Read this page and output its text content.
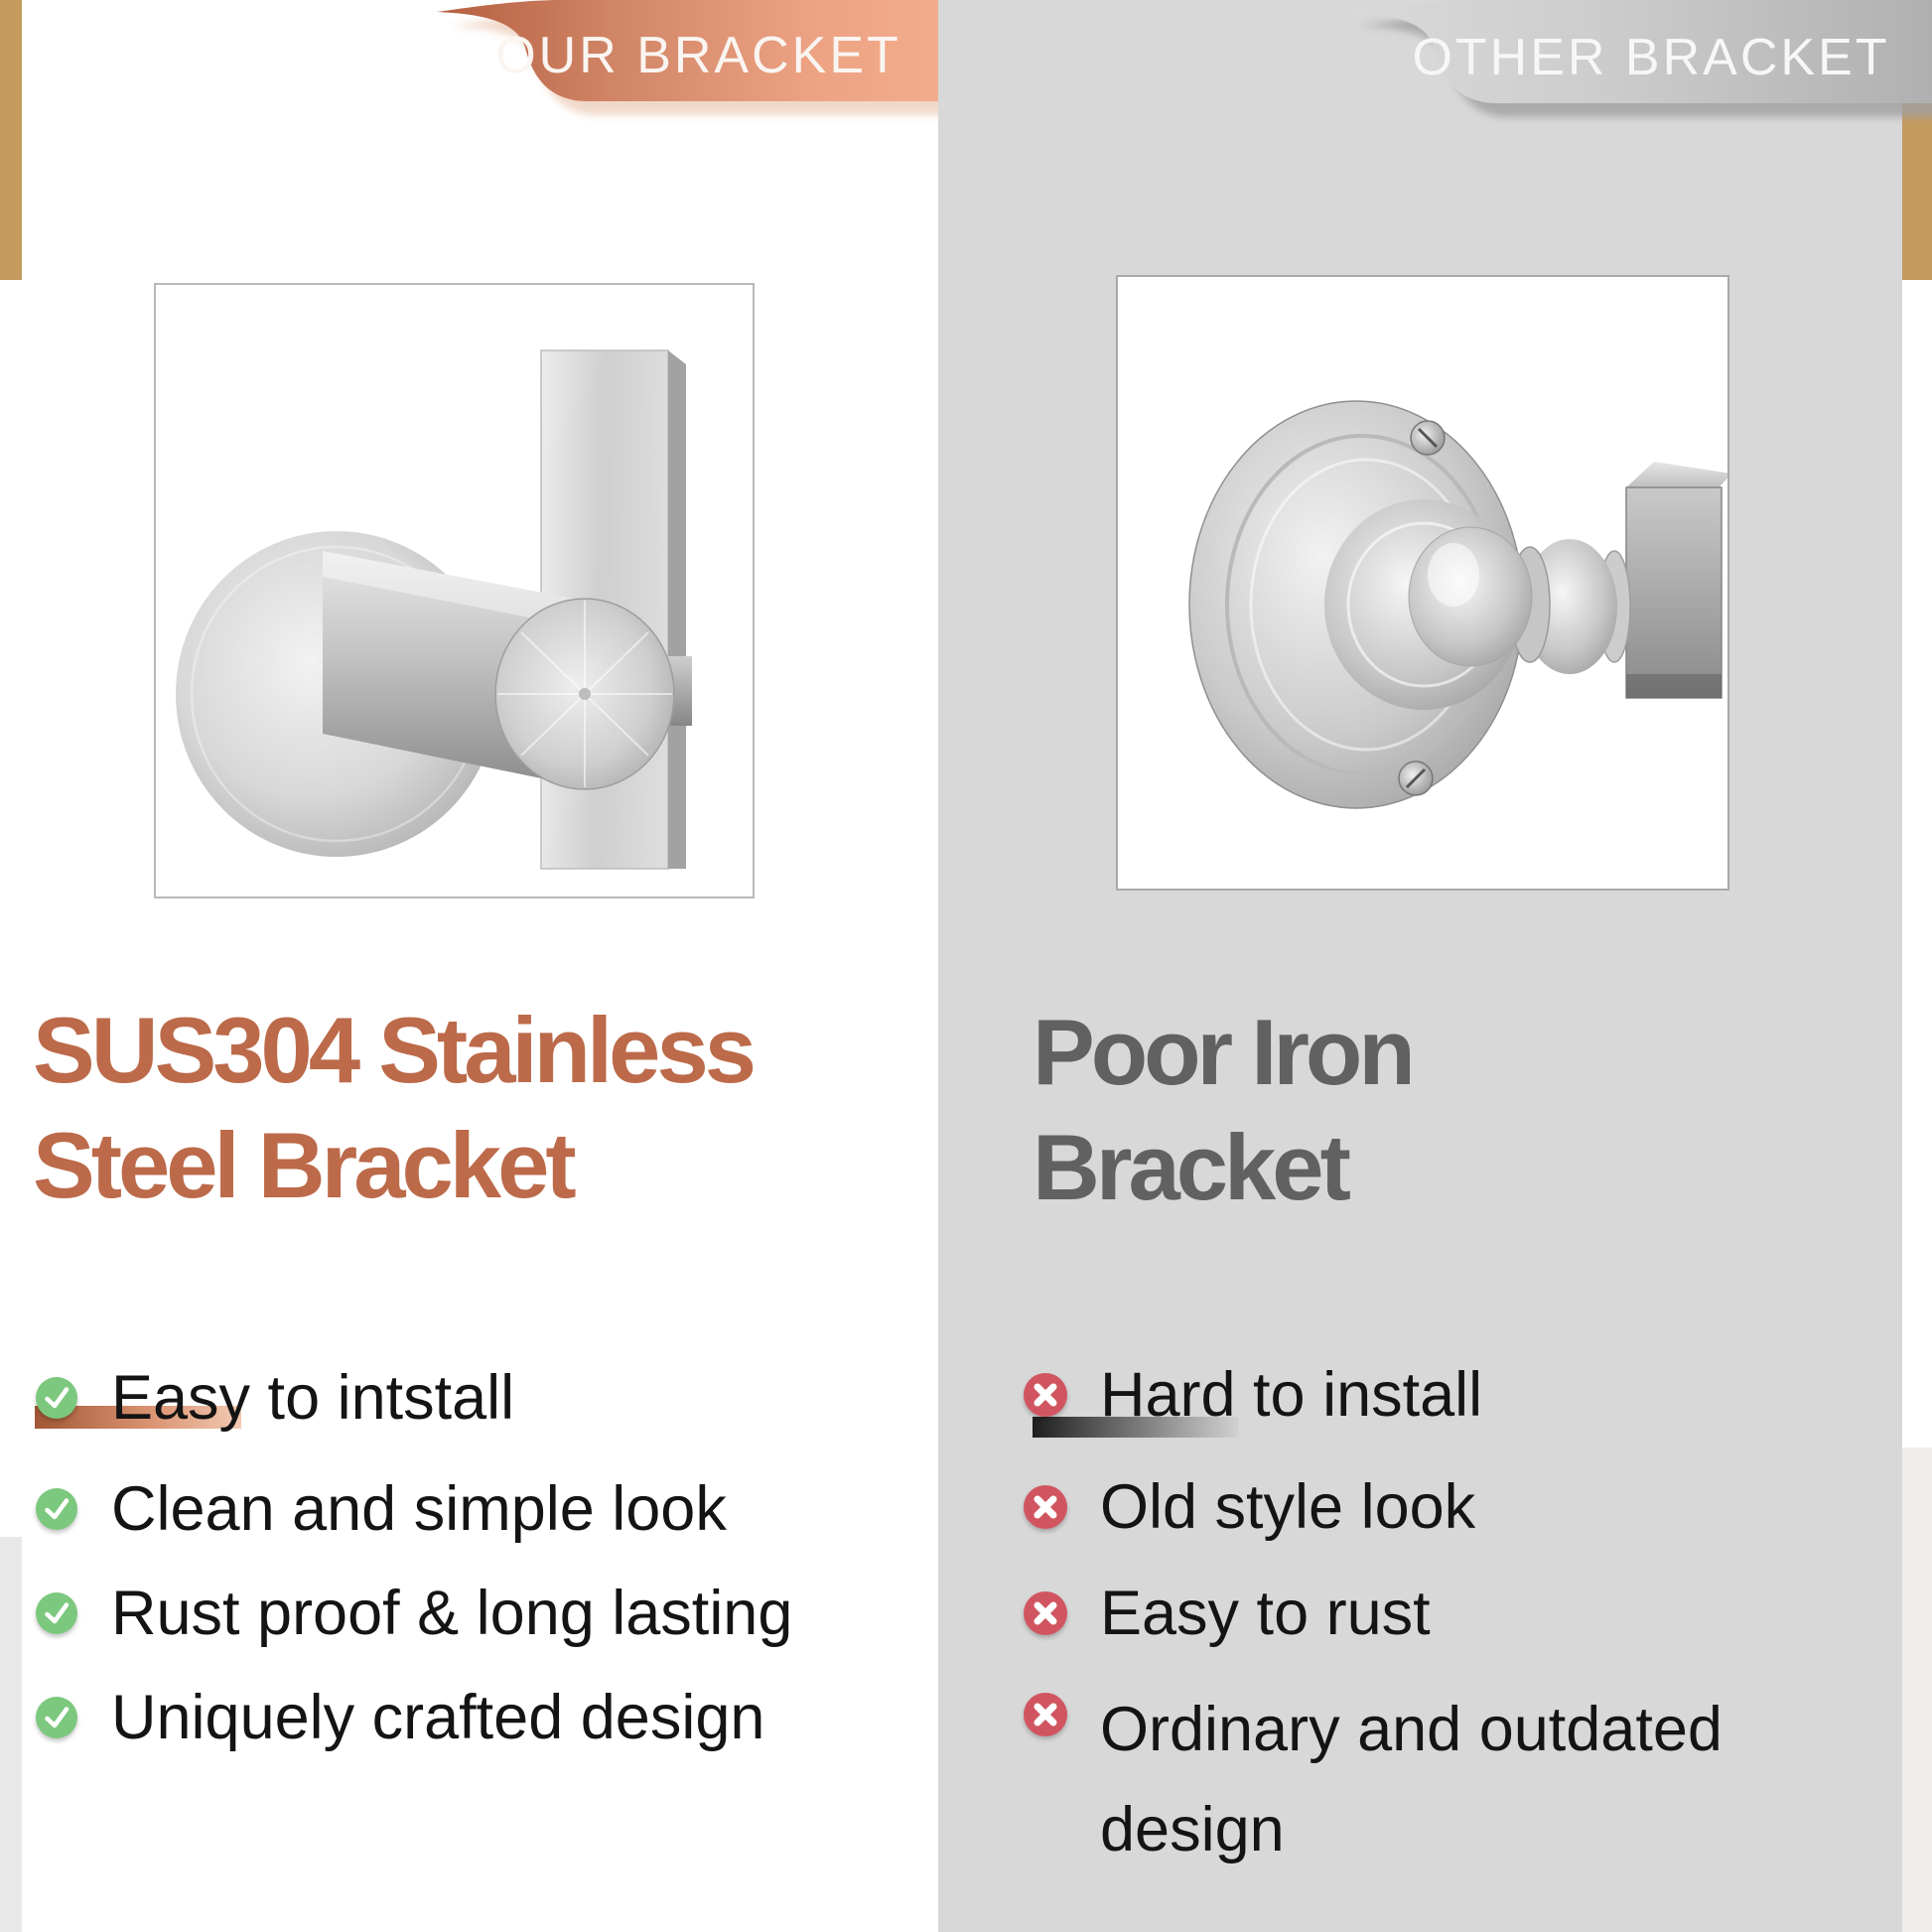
OUR BRACKET	OTHER BRACKET
SUS304 Stainless
Steel Bracket
Poor Iron
Bracket
Easy to intstall
Clean and simple look
Rust proof & long lasting
Uniquely crafted design
Hard to install
Old style look
Easy to rust
Ordinary and outdated design
